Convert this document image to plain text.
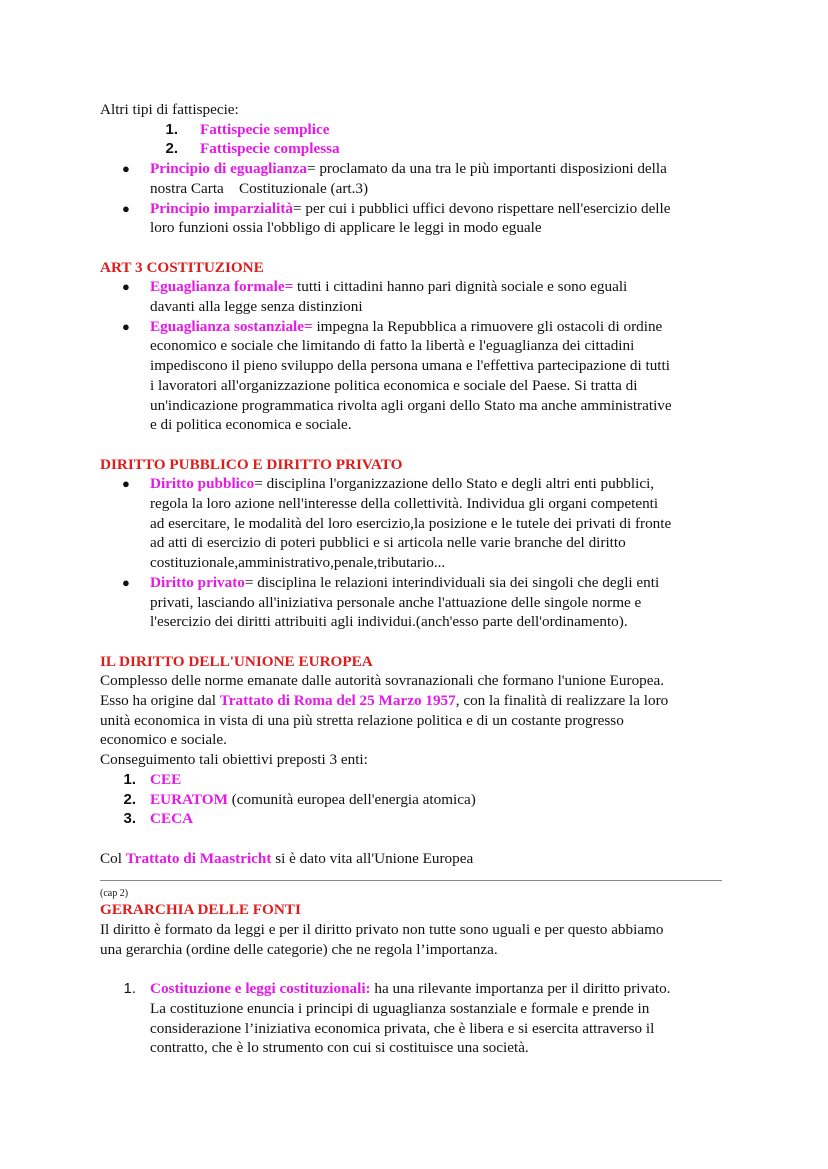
Altri tipi di fattispecie:
1. Fattispecie semplice
2. Fattispecie complessa
● Principio di eguaglianza= proclamato da una tra le più importanti disposizioni della
nostra Carta    Costituzionale (art.3)
● Principio imparzialità= per cui i pubblici uffici devono rispettare nell'esercizio delle
loro funzioni ossia l'obbligo di applicare le leggi in modo eguale
ART 3 COSTITUZIONE
● Eguaglianza formale= tutti i cittadini hanno pari dignità sociale e sono eguali
davanti alla legge senza distinzioni
● Eguaglianza sostanziale= impegna la Repubblica a rimuovere gli ostacoli di ordine
economico e sociale che limitando di fatto la libertà e l'eguaglianza dei cittadini
impediscono il pieno sviluppo della persona umana e l'effettiva partecipazione di tutti
i lavoratori all'organizzazione politica economica e sociale del Paese. Si tratta di
un'indicazione programmatica rivolta agli organi dello Stato ma anche amministrative
e di politica economica e sociale.
DIRITTO PUBBLICO E DIRITTO PRIVATO
● Diritto pubblico= disciplina l'organizzazione dello Stato e degli altri enti pubblici,
regola la loro azione nell'interesse della collettività. Individua gli organi competenti
ad esercitare, le modalità del loro esercizio,la posizione e le tutele dei privati di fronte
ad atti di esercizio di poteri pubblici e si articola nelle varie branche del diritto
costituzionale,amministrativo,penale,tributario...
● Diritto privato= disciplina le relazioni interindividuali sia dei singoli che degli enti
privati, lasciando all'iniziativa personale anche l'attuazione delle singole norme e
l'esercizio dei diritti attribuiti agli individui.(anch'esso parte dell'ordinamento).
IL DIRITTO DELL'UNIONE EUROPEA
Complesso delle norme emanate dalle autorità sovranazionali che formano l'unione Europea.
Esso ha origine dal Trattato di Roma del 25 Marzo 1957, con la finalità di realizzare la loro
unità economica in vista di una più stretta relazione politica e di un costante progresso
economico e sociale.
Conseguimento tali obiettivi preposti 3 enti:
1. CEE
2. EURATOM (comunità europea dell'energia atomica)
3. CECA
Col Trattato di Maastricht si è dato vita all'Unione Europea
(cap 2)
GERARCHIA DELLE FONTI
Il diritto è formato da leggi e per il diritto privato non tutte sono uguali e per questo abbiamo
una gerarchia (ordine delle categorie) che ne regola l’importanza.
1. Costituzione e leggi costituzionali: ha una rilevante importanza per il diritto privato.
La costituzione enuncia i principi di uguaglianza sostanziale e formale e prende in
considerazione l’iniziativa economica privata, che è libera e si esercita attraverso il
contratto, che è lo strumento con cui si costituisce una società.
